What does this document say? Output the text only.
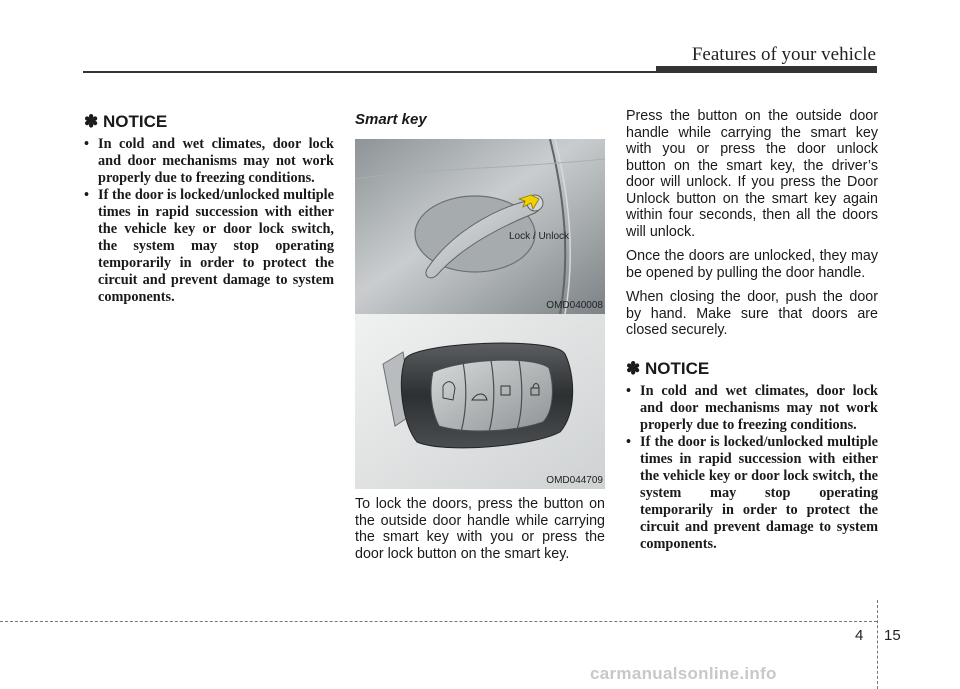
Features of your vehicle
✽ NOTICE
• In cold and wet climates, door lock and door mechanisms may not work properly due to freezing conditions.
• If the door is locked/unlocked multiple times in rapid succession with either the vehicle key or door lock switch, the system may stop operating temporarily in order to protect the circuit and prevent damage to system components.
Smart key
Lock / Unlock
OMD040008
OMD044709

To lock the doors, press the button on the outside door handle while carrying the smart key with you or press the door lock button on the smart key.

Press the button on the outside door handle while carrying the smart key with you or press the door unlock button on the smart key, the driver’s door will unlock. If you press the Door Unlock button on the smart key again within four seconds, then all the doors will unlock.

Once the doors are unlocked, they may be opened by pulling the door handle.

When closing the door, push the door by hand. Make sure that doors are closed securely.

✽ NOTICE
• In cold and wet climates, door lock and door mechanisms may not work properly due to freezing conditions.
• If the door is locked/unlocked multiple times in rapid succession with either the vehicle key or door lock switch, the system may stop operating temporarily in order to protect the circuit and prevent damage to system components.
4 15
carmanualsonline.info
